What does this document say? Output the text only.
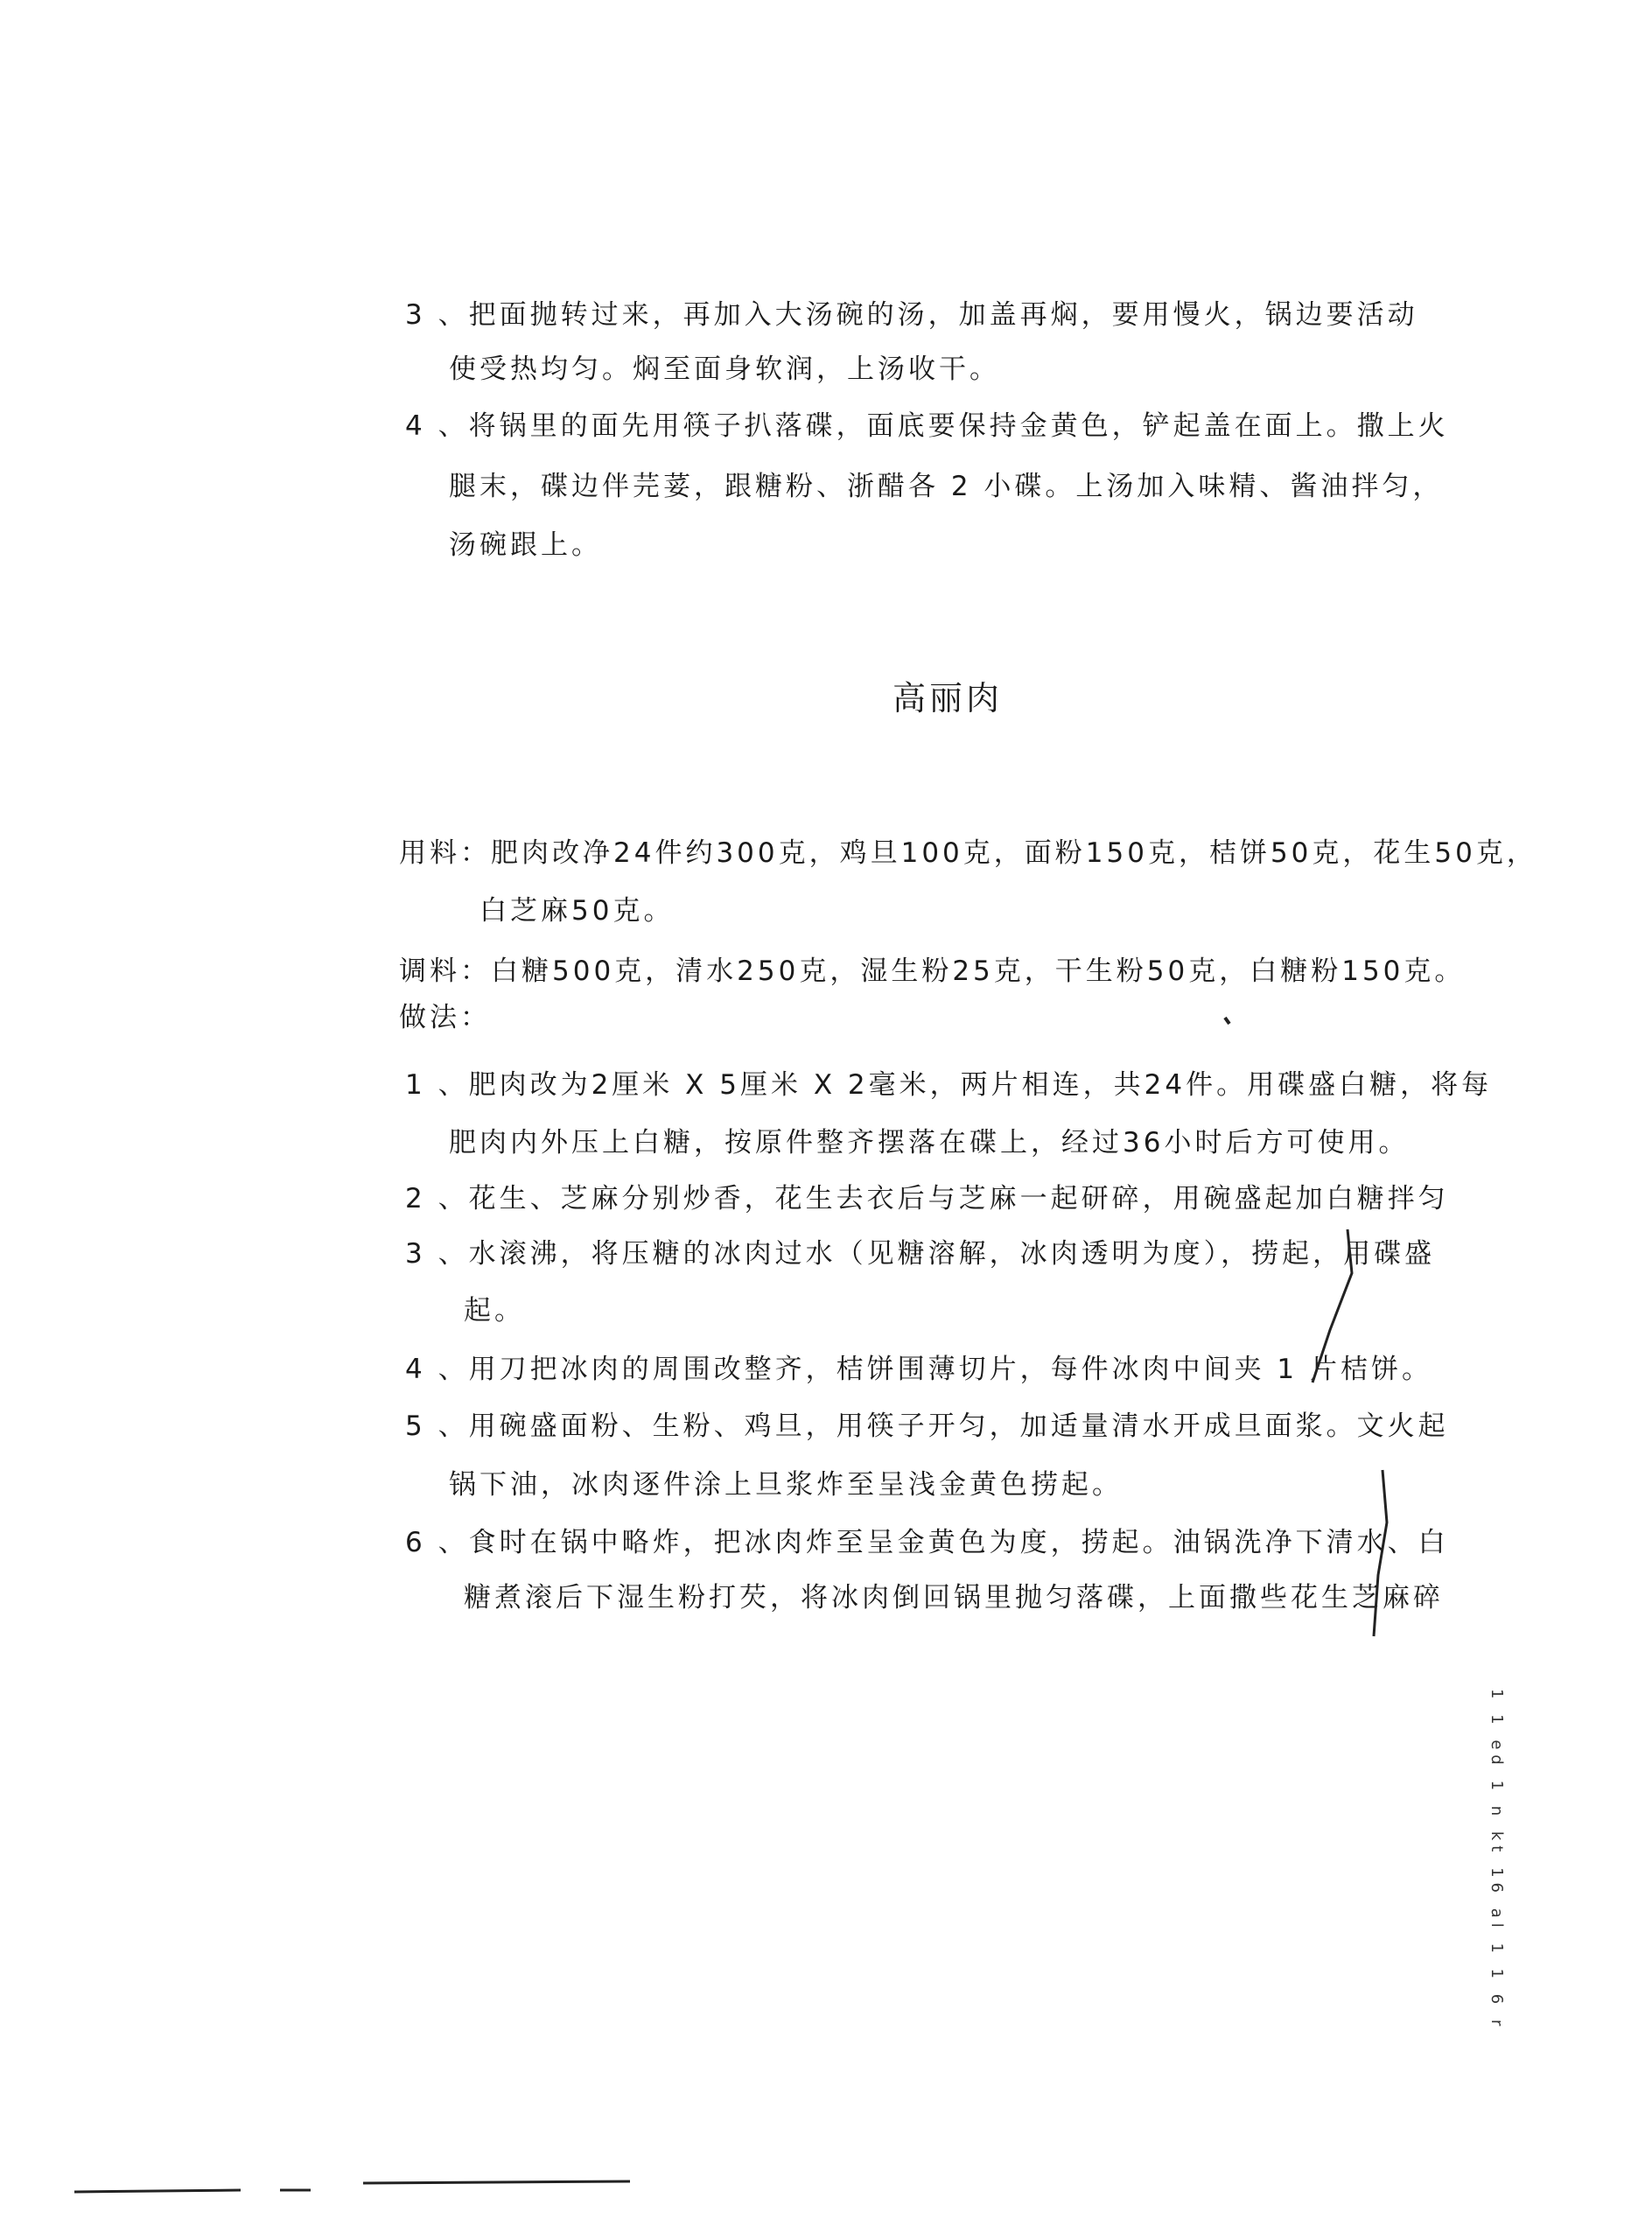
3 、把面抛转过来，再加入大汤碗的汤，加盖再焖，要用慢火，锅边要活动
使受热均匀。焖至面身软润，上汤收干。
4 、将锅里的面先用筷子扒落碟，面底要保持金黄色，铲起盖在面上。撒上火
腿末，碟边伴芫荽，跟糖粉、浙醋各 2 小碟。上汤加入味精、酱油拌匀，
汤碗跟上。
高丽肉
用料：肥肉改净24件约300克，鸡旦100克，面粉150克，桔饼50克，花生50克，
白芝麻50克。
调料：白糖500克，清水250克，湿生粉25克，干生粉50克，白糖粉150克。
做法：
1 、肥肉改为2厘米 X 5厘米 X 2毫米，两片相连，共24件。用碟盛白糖，将每
肥肉内外压上白糖，按原件整齐摆落在碟上，经过36小时后方可使用。
2 、花生、芝麻分别炒香，花生去衣后与芝麻一起研碎，用碗盛起加白糖拌匀
3 、水滚沸，将压糖的冰肉过水（见糖溶解，冰肉透明为度），捞起，用碟盛
起。
4 、用刀把冰肉的周围改整齐，桔饼围薄切片，每件冰肉中间夹 1 片桔饼。
5 、用碗盛面粉、生粉、鸡旦，用筷子开匀，加适量清水开成旦面浆。文火起
锅下油，冰肉逐件涂上旦浆炸至呈浅金黄色捞起。
6 、食时在锅中略炸，把冰肉炸至呈金黄色为度，捞起。油锅洗净下清水、白
糖煮滚后下湿生粉打芡，将冰肉倒回锅里抛匀落碟，上面撒些花生芝麻碎
1 1 ed 1 n kt 16 al 1 1 6 r
